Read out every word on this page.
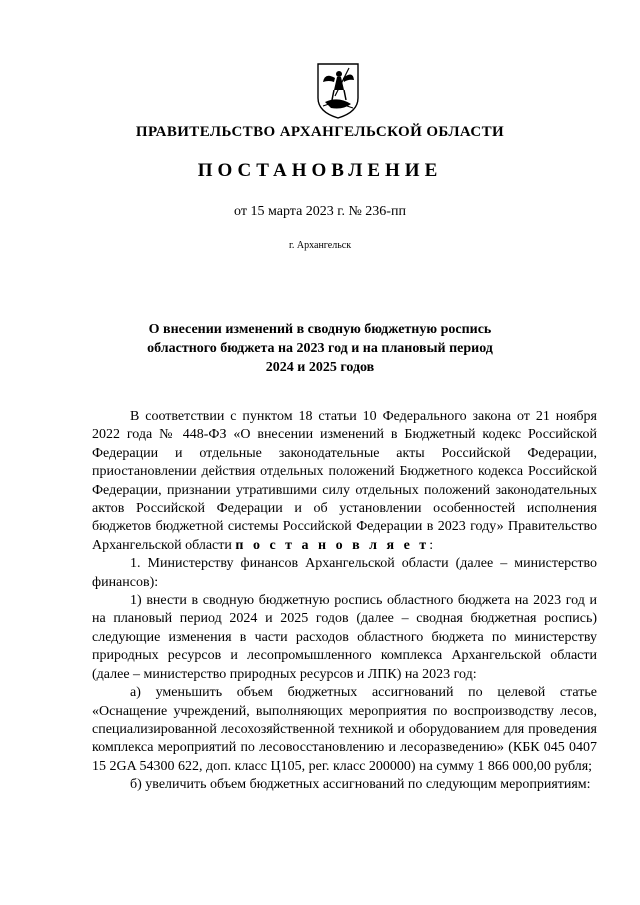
ПРАВИТЕЛЬСТВО АРХАНГЕЛЬСКОЙ ОБЛАСТИ
ПОСТАНОВЛЕНИЕ
от 15 марта 2023 г. № 236-пп
г. Архангельск
О внесении изменений в сводную бюджетную роспись
областного бюджета на 2023 год и на плановый период
2024 и 2025 годов

В соответствии с пунктом 18 статьи 10 Федерального закона от 21 ноября 2022 года № 448-ФЗ «О внесении изменений в Бюджетный кодекс Российской Федерации и отдельные законодательные акты Российской Федерации, приостановлении действия отдельных положений Бюджетного кодекса Российской Федерации, признании утратившими силу отдельных положений законодательных актов Российской Федерации и об установлении особенностей исполнения бюджетов бюджетной системы Российской Федерации в 2023 году» Правительство Архангельской области п о с т а н о в л я е т:

1. Министерству финансов Архангельской области (далее – министерство финансов):

1) внести в сводную бюджетную роспись областного бюджета на 2023 год и на плановый период 2024 и 2025 годов (далее – сводная бюджетная роспись) следующие изменения в части расходов областного бюджета по министерству природных ресурсов и лесопромышленного комплекса Архангельской области (далее – министерство природных ресурсов и ЛПК) на 2023 год:

а) уменьшить объем бюджетных ассигнований по целевой статье «Оснащение учреждений, выполняющих мероприятия по воспроизводству лесов, специализированной лесохозяйственной техникой и оборудованием для проведения комплекса мероприятий по лесовосстановлению и лесоразведению» (КБК 045 0407 15 2GA 54300 622, доп. класс Ц105, рег. класс 200000) на сумму 1 866 000,00 рубля;

б) увеличить объем бюджетных ассигнований по следующим мероприятиям:
